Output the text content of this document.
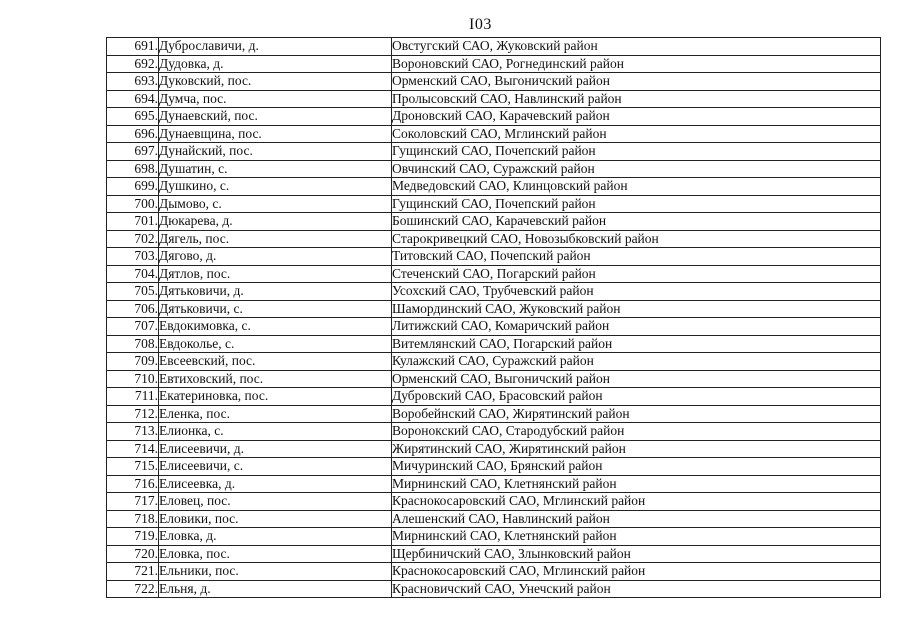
I03
691.	Дуброславичи, д.	Овстугский САО, Жуковский район
692.	Дудовка, д.	Вороновский САО, Рогнединский район
693.	Дуковский, пос.	Орменский САО, Выгоничский район
694.	Думча, пос.	Пролысовский САО, Навлинский район
695.	Дунаевский, пос.	Дроновский САО, Карачевский район
696.	Дунаевщина, пос.	Соколовский САО, Мглинский район
697.	Дунайский, пос.	Гущинский САО, Почепский район
698.	Душатин, с.	Овчинский САО, Суражский район
699.	Душкино, с.	Медведовский САО, Клинцовский район
700.	Дымово, с.	Гущинский САО, Почепский район
701.	Дюкарева, д.	Бошинский САО, Карачевский район
702.	Дягель, пос.	Старокривецкий САО, Новозыбковский район
703.	Дягово, д.	Титовский САО, Почепский район
704.	Дятлов, пос.	Стеченский САО, Погарский район
705.	Дятьковичи, д.	Усохский САО, Трубчевский район
706.	Дятьковичи, с.	Шамординский САО, Жуковский район
707.	Евдокимовка, с.	Литижский САО, Комаричский район
708.	Евдоколье, с.	Витемлянский САО, Погарский район
709.	Евсеевский, пос.	Кулажский САО, Суражский район
710.	Евтиховский, пос.	Орменский САО, Выгоничский район
711.	Екатериновка, пос.	Дубровский САО, Брасовский район
712.	Еленка, пос.	Воробейнский САО, Жирятинский район
713.	Елионка, с.	Воронокский САО, Стародубский район
714.	Елисеевичи, д.	Жирятинский САО, Жирятинский район
715.	Елисеевичи, с.	Мичуринский САО, Брянский район
716.	Елисеевка, д.	Мирнинский САО, Клетнянский район
717.	Еловец, пос.	Краснокосаровский САО, Мглинский район
718.	Еловики, пос.	Алешенский САО, Навлинский район
719.	Еловка, д.	Мирнинский САО, Клетнянский район
720.	Еловка, пос.	Щербиничский САО, Злынковский район
721.	Ельники, пос.	Краснокосаровский САО, Мглинский район
722.	Ельня, д.	Красновичский САО, Унечский район
